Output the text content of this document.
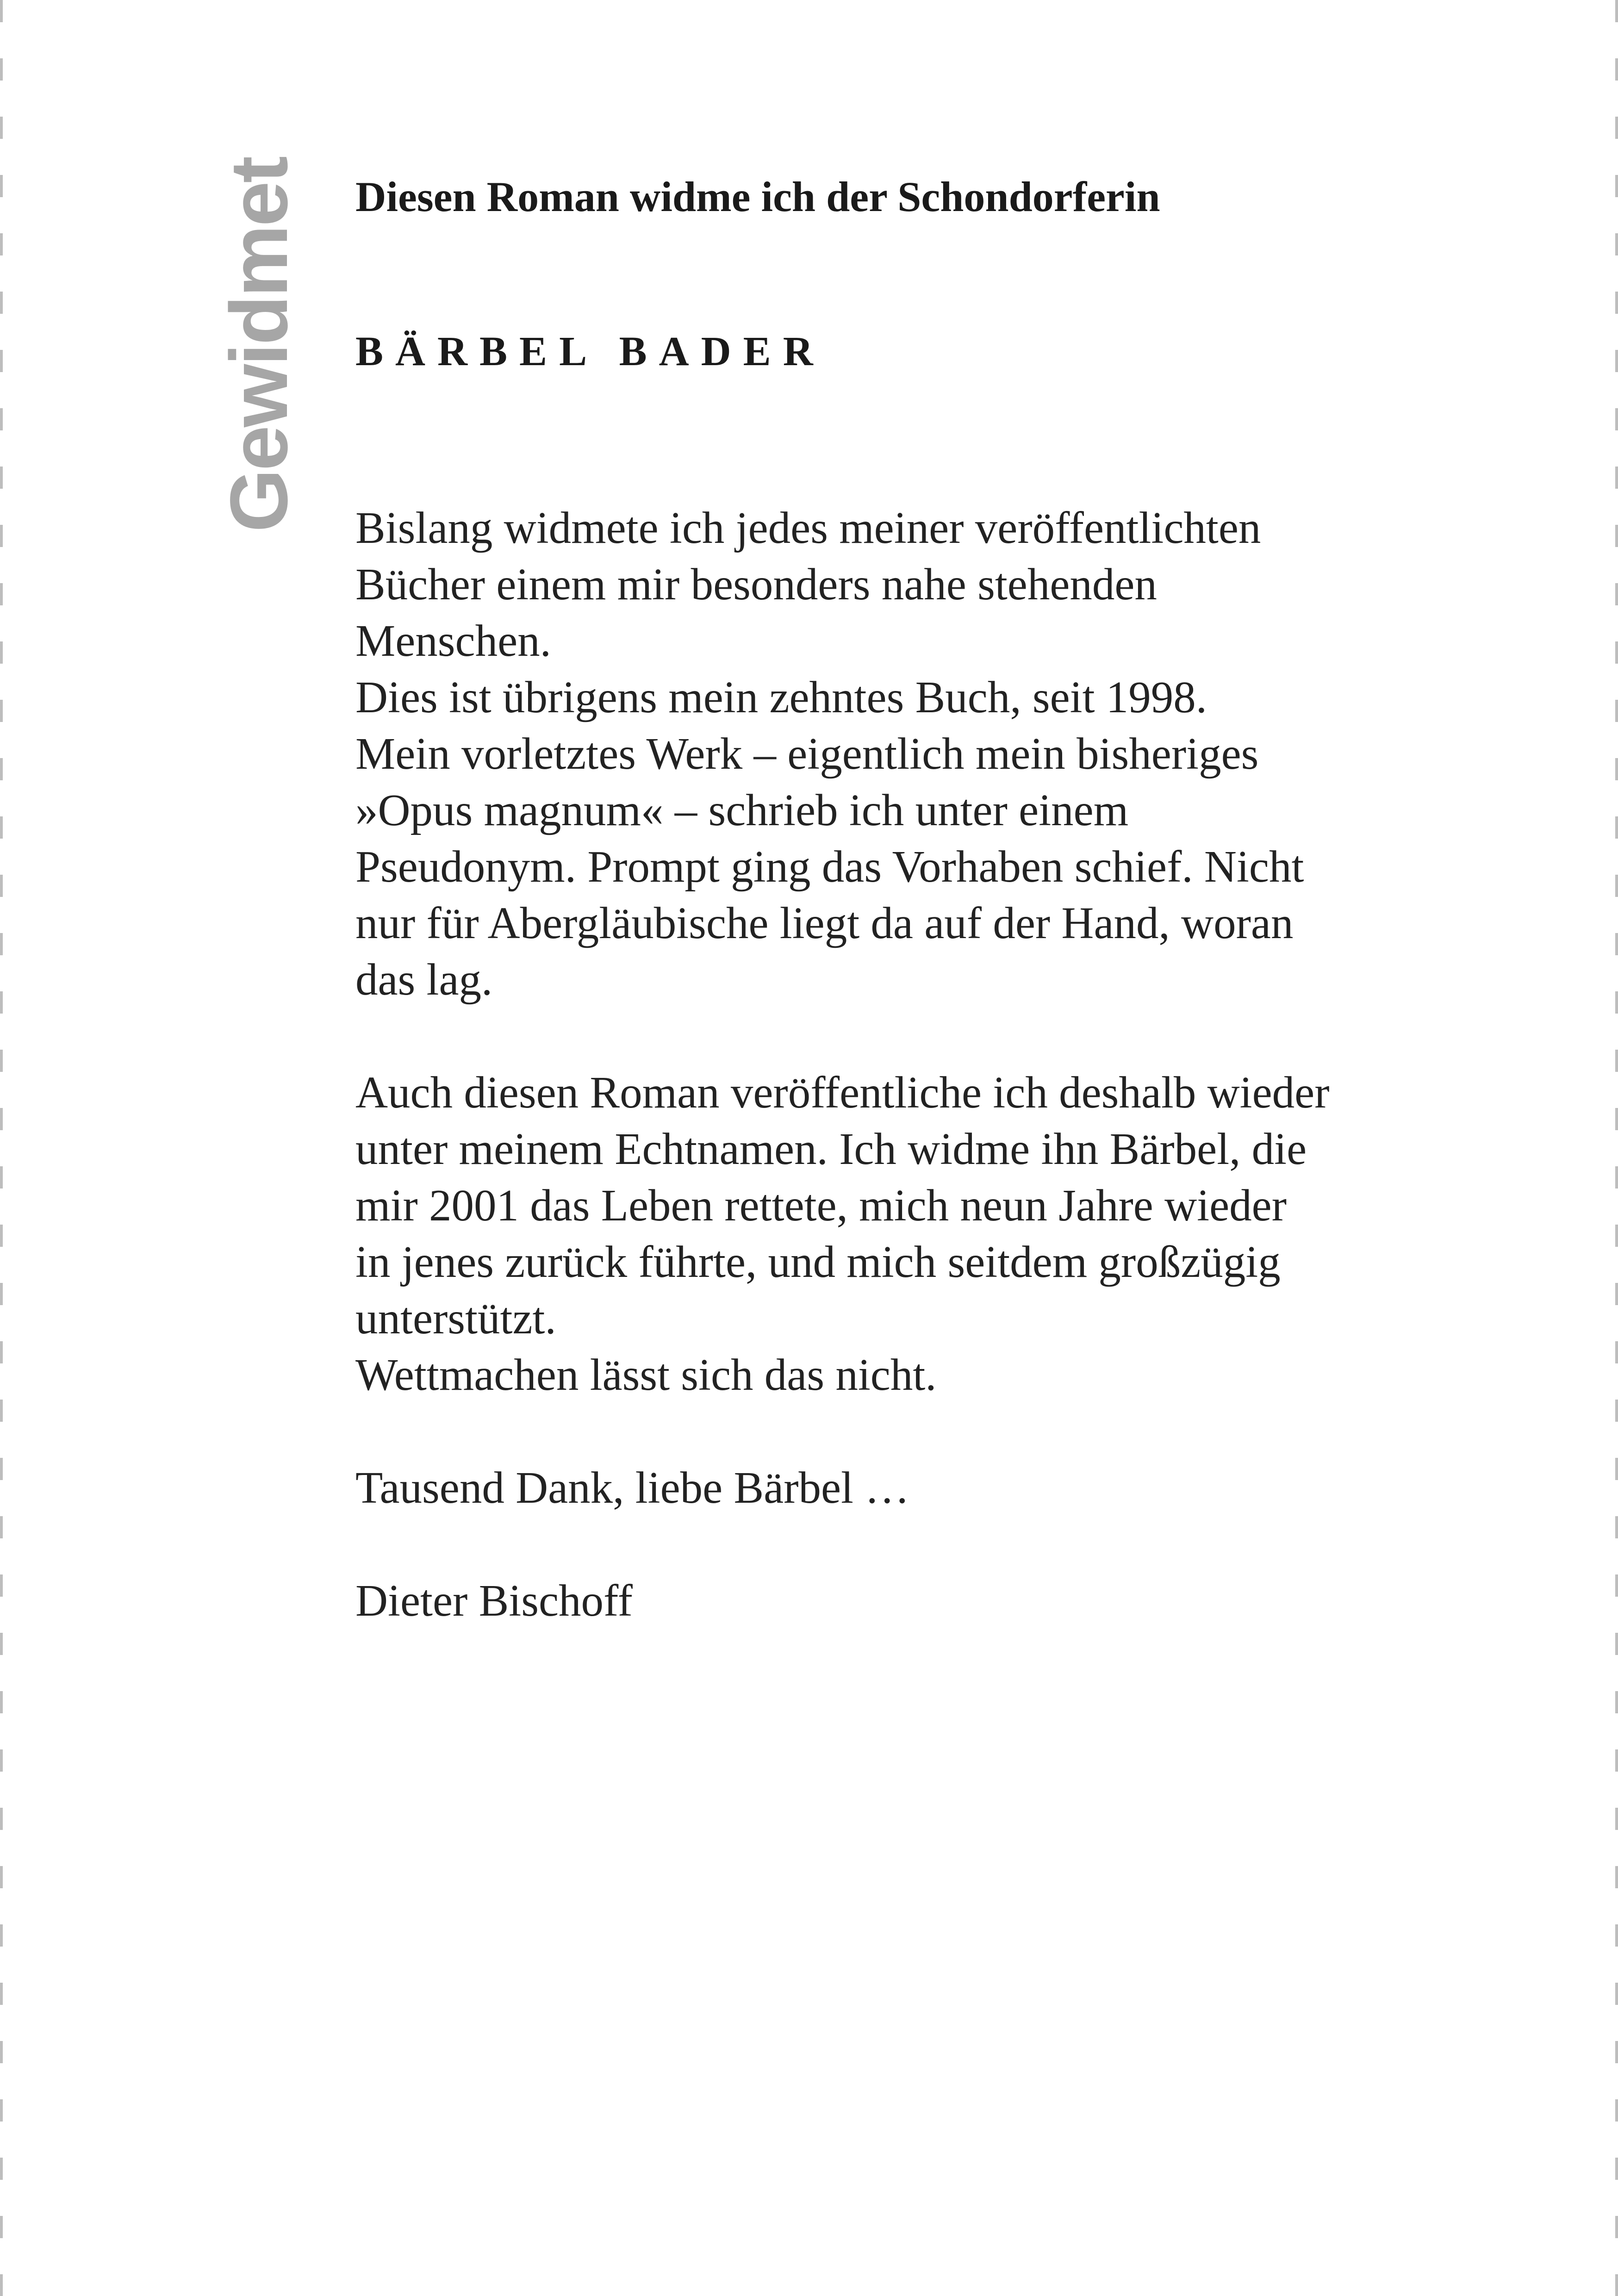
Gewidmet Diesen Roman widme ich der Schondorferin

BÄRBEL BADER

Bislang widmete ich jedes meiner veröffentlichten
Bücher einem mir besonders nahe stehenden
Menschen.
Dies ist übrigens mein zehntes Buch, seit 1998.
Mein vorletztes Werk – eigentlich mein bisheriges
»Opus magnum« – schrieb ich unter einem
Pseudonym. Prompt ging das Vorhaben schief. Nicht
nur für Abergläubische liegt da auf der Hand, woran
das lag.

Auch diesen Roman veröffentliche ich deshalb wieder
unter meinem Echtnamen. Ich widme ihn Bärbel, die
mir 2001 das Leben rettete, mich neun Jahre wieder
in jenes zurück führte, und mich seitdem großzügig
unterstützt.
Wettmachen lässt sich das nicht.

Tausend Dank, liebe Bärbel …

Dieter Bischoff
